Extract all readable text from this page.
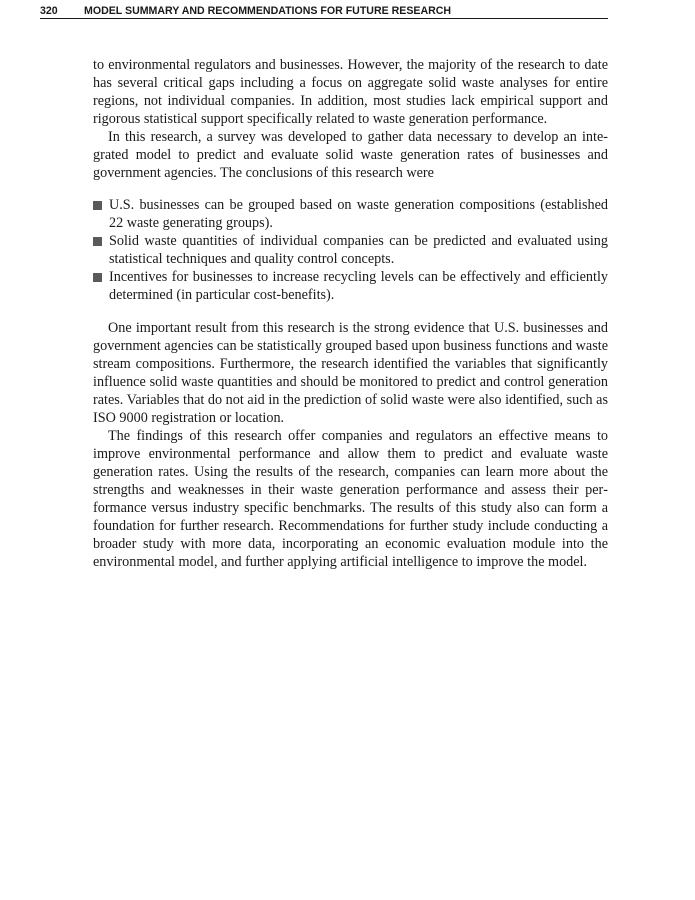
320 MODEL SUMMARY AND RECOMMENDATIONS FOR FUTURE RESEARCH

to environmental regulators and businesses. However, the majority of the research to date has several critical gaps including a focus on aggregate solid waste analyses for entire regions, not individual companies. In addition, most studies lack empirical support and rigorous statistical support specifically related to waste generation performance.

In this research, a survey was developed to gather data necessary to develop an integrated model to predict and evaluate solid waste generation rates of businesses and government agencies. The conclusions of this research were

U.S. businesses can be grouped based on waste generation compositions (established 22 waste generating groups).
Solid waste quantities of individual companies can be predicted and evaluated using statistical techniques and quality control concepts.
Incentives for businesses to increase recycling levels can be effectively and efficiently determined (in particular cost-benefits).

One important result from this research is the strong evidence that U.S. businesses and government agencies can be statistically grouped based upon business functions and waste stream compositions. Furthermore, the research identified the variables that significantly influence solid waste quantities and should be monitored to predict and control generation rates. Variables that do not aid in the prediction of solid waste were also identified, such as ISO 9000 registration or location.

The findings of this research offer companies and regulators an effective means to improve environmental performance and allow them to predict and evaluate waste generation rates. Using the results of the research, companies can learn more about the strengths and weaknesses in their waste generation performance and assess their performance versus industry specific benchmarks. The results of this study also can form a foundation for further research. Recommendations for further study include conducting a broader study with more data, incorporating an economic evaluation module into the environmental model, and further applying artificial intelligence to improve the model.
